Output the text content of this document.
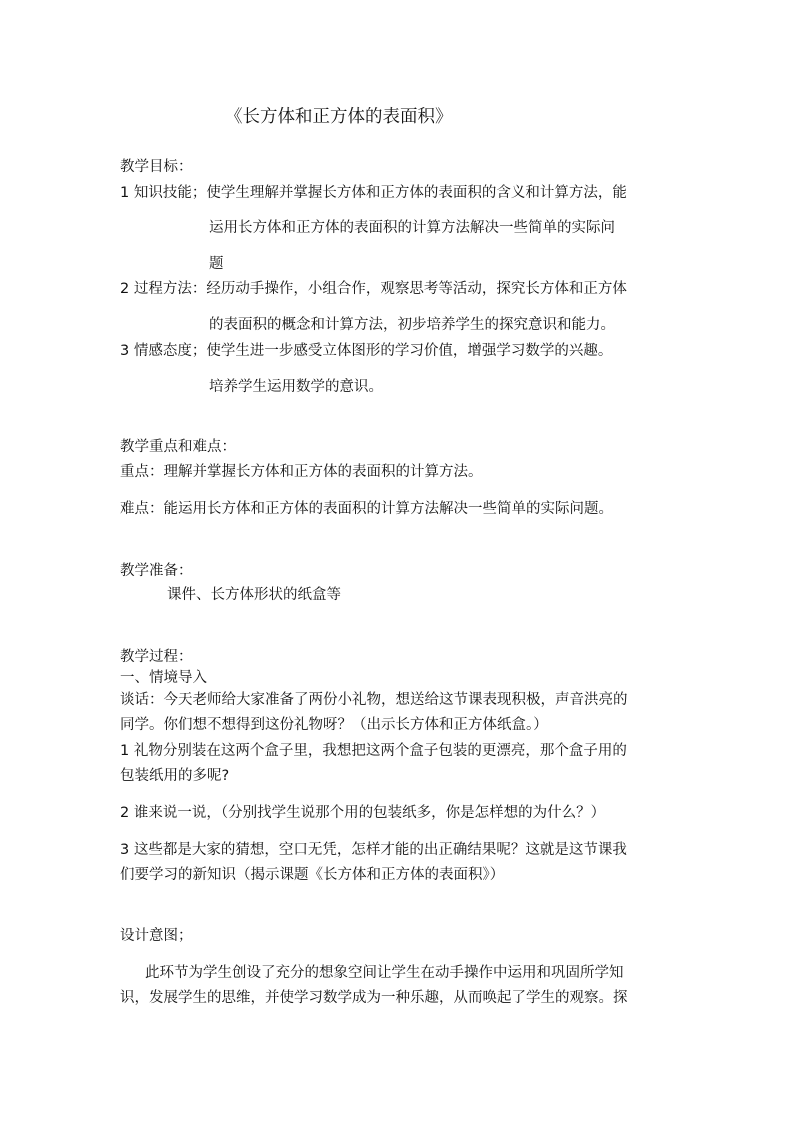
《长方体和正方体的表面积》

教学目标：

1 知识技能；使学生理解并掌握长方体和正方体的表面积的含义和计算方法，能

运用长方体和正方体的表面积的计算方法解决一些简单的实际问

题

2 过程方法：经历动手操作，小组合作，观察思考等活动，探究长方体和正方体

的表面积的概念和计算方法，初步培养学生的探究意识和能力。

3 情感态度；使学生进一步感受立体图形的学习价值，增强学习数学的兴趣。

培养学生运用数学的意识。

教学重点和难点：

重点：理解并掌握长方体和正方体的表面积的计算方法。

难点：能运用长方体和正方体的表面积的计算方法解决一些简单的实际问题。

教学准备：

课件、长方体形状的纸盒等

教学过程：

一、情境导入

谈话：今天老师给大家准备了两份小礼物，想送给这节课表现积极，声音洪亮的

同学。你们想不想得到这份礼物呀？（出示长方体和正方体纸盒。）

1 礼物分别装在这两个盒子里，我想把这两个盒子包装的更漂亮，那个盒子用的

包装纸用的多呢?

2 谁来说一说，（分别找学生说那个用的包装纸多，你是怎样想的为什么？）

3 这些都是大家的猜想，空口无凭，怎样才能的出正确结果呢？这就是这节课我

们要学习的新知识（揭示课题《长方体和正方体的表面积》）

设计意图；

此环节为学生创设了充分的想象空间让学生在动手操作中运用和巩固所学知

识，发展学生的思维，并使学习数学成为一种乐趣，从而唤起了学生的观察。探
